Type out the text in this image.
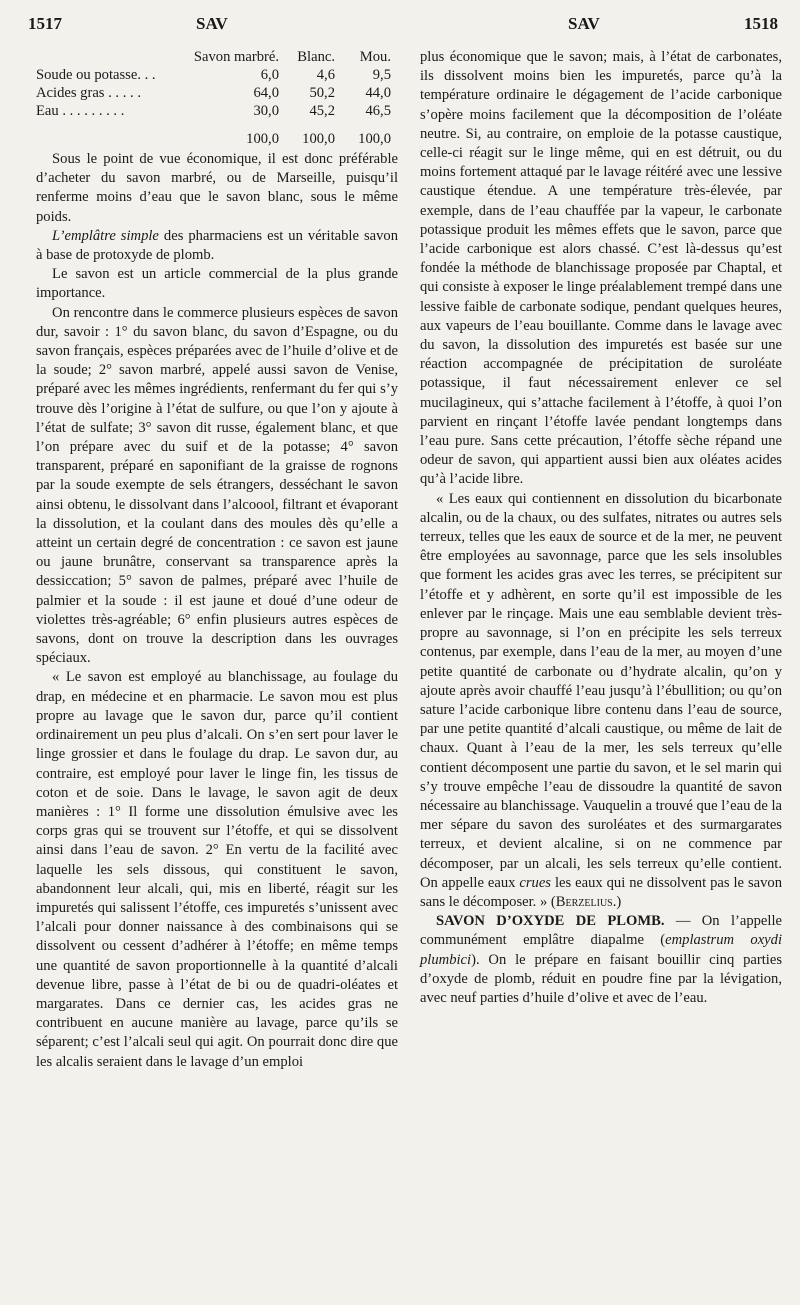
1517	SAV	SAV	1518
	Savon marbré.	Blanc.	Mou.
Soude ou potasse. . .	6,0	4,6	9,5
Acides gras . . . . .	64,0	50,2	44,0
Eau . . . . . . . . .	30,0	45,2	46,5
	100,0	100,0	100,0

Sous le point de vue économique, il est donc préférable d’acheter du savon marbré, ou de Marseille, puisqu’il renferme moins d’eau que le savon blanc, sous le même poids.

L’emplâtre simple des pharmaciens est un véritable savon à base de protoxyde de plomb.

Le savon est un article commercial de la plus grande importance.

On rencontre dans le commerce plusieurs espèces de savon dur, savoir : 1° du savon blanc, du savon d’Espagne, ou du savon français, espèces préparées avec de l’huile d’olive et de la soude; 2° savon marbré, appelé aussi savon de Venise, préparé avec les mêmes ingrédients, renfermant du fer qui s’y trouve dès l’origine à l’état de sulfure, ou que l’on y ajoute à l’état de sulfate; 3° savon dit russe, également blanc, et que l’on prépare avec du suif et de la potasse; 4° savon transparent, préparé en saponifiant de la graisse de rognons par la soude exempte de sels étrangers, desséchant le savon ainsi obtenu, le dissolvant dans l’alcoool, filtrant et évaporant la dissolution, et la coulant dans des moules dès qu’elle a atteint un certain degré de concentration : ce savon est jaune ou jaune brunâtre, conservant sa transparence après la dessiccation; 5° savon de palmes, préparé avec l’huile de palmier et la soude : il est jaune et doué d’une odeur de violettes très-agréable; 6° enfin plusieurs autres espèces de savons, dont on trouve la description dans les ouvrages spéciaux.

« Le savon est employé au blanchissage, au foulage du drap, en médecine et en pharmacie. Le savon mou est plus propre au lavage que le savon dur, parce qu’il contient ordinairement un peu plus d’alcali. On s’en sert pour laver le linge grossier et dans le foulage du drap. Le savon dur, au contraire, est employé pour laver le linge fin, les tissus de coton et de soie. Dans le lavage, le savon agit de deux manières : 1° Il forme une dissolution émulsive avec les corps gras qui se trouvent sur l’étoffe, et qui se dissolvent ainsi dans l’eau de savon. 2° En vertu de la facilité avec laquelle les sels dissous, qui constituent le savon, abandonnent leur alcali, qui, mis en liberté, réagit sur les impuretés qui salissent l’étoffe, ces impuretés s’unissent avec l’alcali pour donner naissance à des combinaisons qui se dissolvent ou cessent d’adhérer à l’étoffe; en même temps une quantité de savon proportionnelle à la quantité d’alcali devenue libre, passe à l’état de bi ou de quadri-oléates et margarates. Dans ce dernier cas, les acides gras ne contribuent en aucune manière au lavage, parce qu’ils se séparent; c’est l’alcali seul qui agit. On pourrait donc dire que les alcalis seraient dans le lavage d’un emploi

plus économique que le savon; mais, à l’état de carbonates, ils dissolvent moins bien les impuretés, parce qu’à la température ordinaire le dégagement de l’acide carbonique s’opère moins facilement que la décomposition de l’oléate neutre. Si, au contraire, on emploie de la potasse caustique, celle-ci réagit sur le linge même, qui en est détruit, ou du moins fortement attaqué par le lavage réitéré avec une lessive caustique étendue. A une température très-élevée, par exemple, dans de l’eau chauffée par la vapeur, le carbonate potassique produit les mêmes effets que le savon, parce que l’acide carbonique est alors chassé. C’est là-dessus qu’est fondée la méthode de blanchissage proposée par Chaptal, et qui consiste à exposer le linge préalablement trempé dans une lessive faible de carbonate sodique, pendant quelques heures, aux vapeurs de l’eau bouillante. Comme dans le lavage avec du savon, la dissolution des impuretés est basée sur une réaction accompagnée de précipitation de suroléate potassique, il faut nécessairement enlever ce sel mucilagineux, qui s’attache facilement à l’étoffe, à quoi l’on parvient en rinçant l’étoffe lavée pendant longtemps dans l’eau pure. Sans cette précaution, l’étoffe sèche répand une odeur de savon, qui appartient aussi bien aux oléates acides qu’à l’acide libre.

« Les eaux qui contiennent en dissolution du bicarbonate alcalin, ou de la chaux, ou des sulfates, nitrates ou autres sels terreux, telles que les eaux de source et de la mer, ne peuvent être employées au savonnage, parce que les sels insolubles que forment les acides gras avec les terres, se précipitent sur l’étoffe et y adhèrent, en sorte qu’il est impossible de les enlever par le rinçage. Mais une eau semblable devient très-propre au savonnage, si l’on en précipite les sels terreux contenus, par exemple, dans l’eau de la mer, au moyen d’une petite quantité de carbonate ou d’hydrate alcalin, qu’on y ajoute après avoir chauffé l’eau jusqu’à l’ébullition; ou qu’on sature l’acide carbonique libre contenu dans l’eau de source, par une petite quantité d’alcali caustique, ou même de lait de chaux. Quant à l’eau de la mer, les sels terreux qu’elle contient décomposent une partie du savon, et le sel marin qui s’y trouve empêche l’eau de dissoudre la quantité de savon nécessaire au blanchissage. Vauquelin a trouvé que l’eau de la mer sépare du savon des suroléates et des surmargarates terreux, et devient alcaline, si on ne commence par décomposer, par un alcali, les sels terreux qu’elle contient. On appelle eaux crues les eaux qui ne dissolvent pas le savon sans le décomposer. » (Berzelius.)

SAVON D’OXYDE DE PLOMB. — On l’appelle communément emplâtre diapalme (emplastrum oxydi plumbici). On le prépare en faisant bouillir cinq parties d’oxyde de plomb, réduit en poudre fine par la lévigation, avec neuf parties d’huile d’olive et avec de l’eau.
